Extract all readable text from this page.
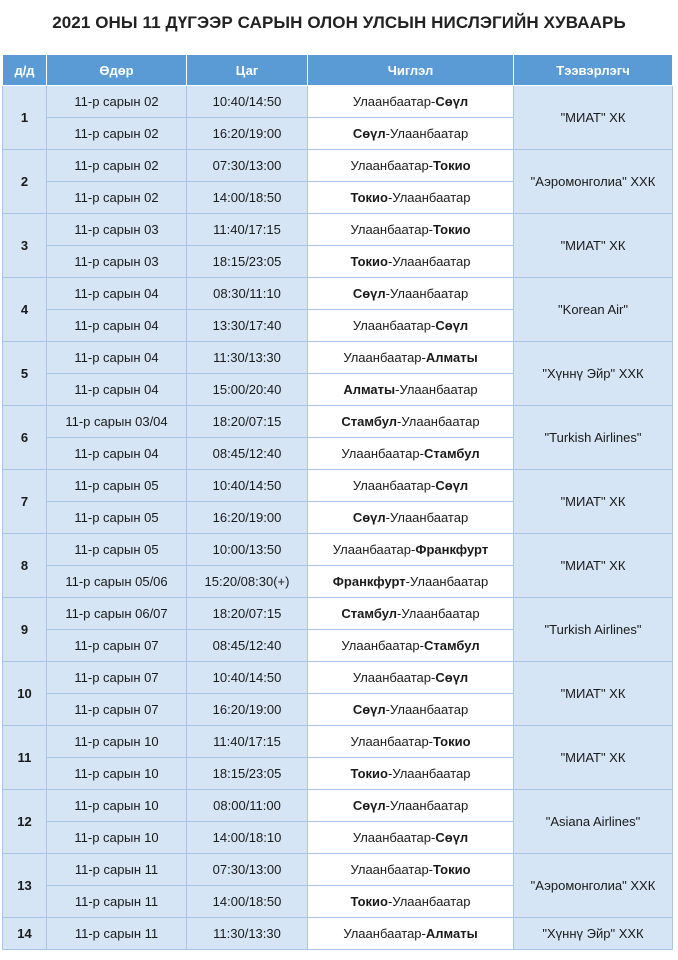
2021 ОНЫ 11 ДҮГЭЭР САРЫН ОЛОН УЛСЫН НИСЛЭГИЙН ХУВААРЬ
д/д	Өдөр	Цаг	Чиглэл	Тээвэрлэгч
1	11-р сарын 02	10:40/14:50	Улаанбаатар-Сөүл	"МИАТ" ХК
	11-р сарын 02	16:20/19:00	Сөүл-Улаанбаатар	
2	11-р сарын 02	07:30/13:00	Улаанбаатар-Токио	"Аэромонголиа" ХХК
	11-р сарын 02	14:00/18:50	Токио-Улаанбаатар	
3	11-р сарын 03	11:40/17:15	Улаанбаатар-Токио	"МИАТ" ХК
	11-р сарын 03	18:15/23:05	Токио-Улаанбаатар	
4	11-р сарын 04	08:30/11:10	Сөүл-Улаанбаатар	"Korean Air"
	11-р сарын 04	13:30/17:40	Улаанбаатар-Сөүл	
5	11-р сарын 04	11:30/13:30	Улаанбаатар-Алматы	"Хүннү Эйр" ХХК
	11-р сарын 04	15:00/20:40	Алматы-Улаанбаатар	
6	11-р сарын 03/04	18:20/07:15	Стамбул-Улаанбаатар	"Turkish Airlines"
	11-р сарын 04	08:45/12:40	Улаанбаатар-Стамбул	
7	11-р сарын 05	10:40/14:50	Улаанбаатар-Сөүл	"МИАТ" ХК
	11-р сарын 05	16:20/19:00	Сөүл-Улаанбаатар	
8	11-р сарын 05	10:00/13:50	Улаанбаатар-Франкфурт	"МИАТ" ХК
	11-р сарын 05/06	15:20/08:30(+)	Франкфурт-Улаанбаатар	
9	11-р сарын 06/07	18:20/07:15	Стамбул-Улаанбаатар	"Turkish Airlines"
	11-р сарын 07	08:45/12:40	Улаанбаатар-Стамбул	
10	11-р сарын 07	10:40/14:50	Улаанбаатар-Сөүл	"МИАТ" ХК
	11-р сарын 07	16:20/19:00	Сөүл-Улаанбаатар	
11	11-р сарын 10	11:40/17:15	Улаанбаатар-Токио	"МИАТ" ХК
	11-р сарын 10	18:15/23:05	Токио-Улаанбаатар	
12	11-р сарын 10	08:00/11:00	Сөүл-Улаанбаатар	"Asiana Airlines"
	11-р сарын 10	14:00/18:10	Улаанбаатар-Сөүл	
13	11-р сарын 11	07:30/13:00	Улаанбаатар-Токио	"Аэромонголиа" ХХК
	11-р сарын 11	14:00/18:50	Токио-Улаанбаатар	
14	11-р сарын 11	11:30/13:30	Улаанбаатар-Алматы	"Хүннү Эйр" ХХК
